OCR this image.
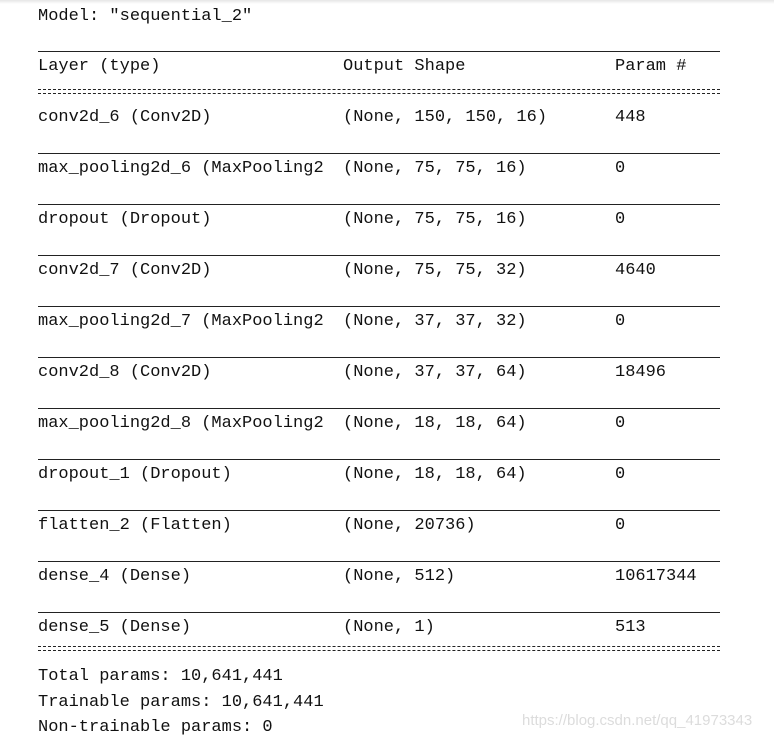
Model: "sequential_2"
Layer (type)	Output Shape	Param #
conv2d_6 (Conv2D)	(None, 150, 150, 16)	448
max_pooling2d_6 (MaxPooling2 (None, 75, 75, 16)	0
dropout (Dropout)	(None, 75, 75, 16)	0
conv2d_7 (Conv2D)	(None, 75, 75, 32)	4640
max_pooling2d_7 (MaxPooling2 (None, 37, 37, 32)	0
conv2d_8 (Conv2D)	(None, 37, 37, 64)	18496
max_pooling2d_8 (MaxPooling2 (None, 18, 18, 64)	0
dropout_1 (Dropout)	(None, 18, 18, 64)	0
flatten_2 (Flatten)	(None, 20736)	0
dense_4 (Dense)	(None, 512)	10617344
dense_5 (Dense)	(None, 1)	513
Total params: 10,641,441
Trainable params: 10,641,441
Non-trainable params: 0	https://blog.csdn.net/qq_41973343
